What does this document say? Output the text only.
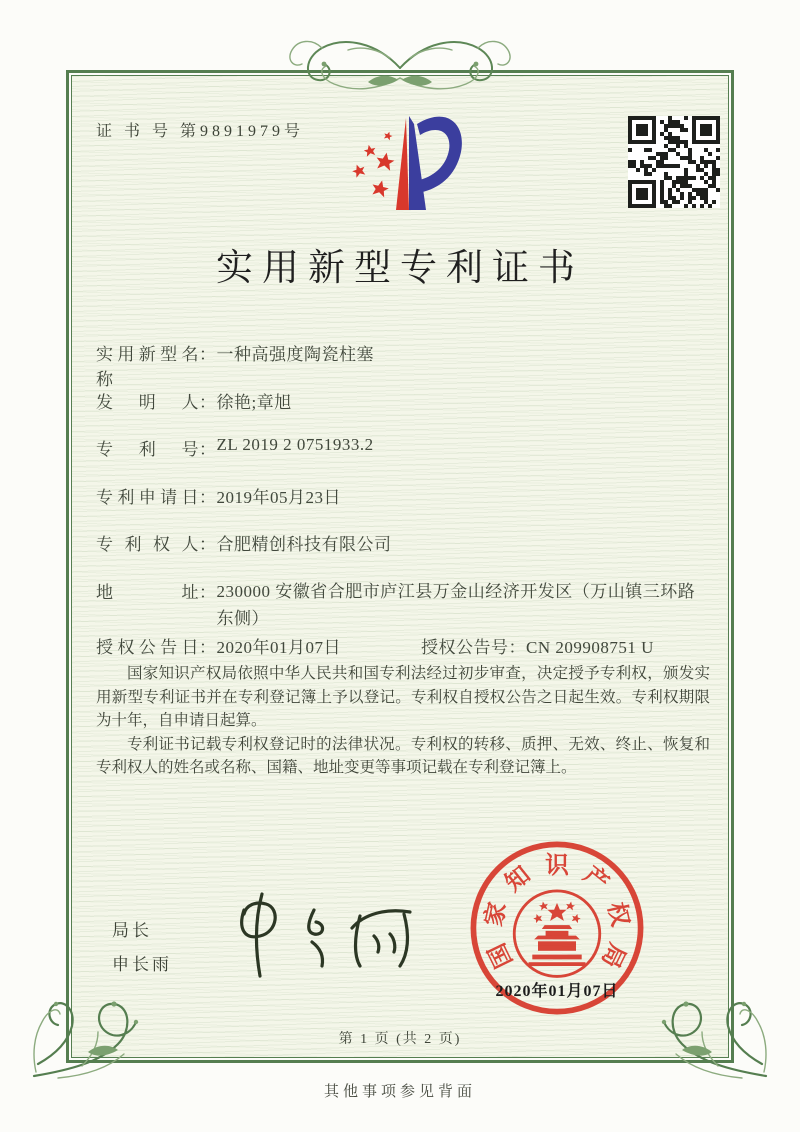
证 书 号 第9891979号
实用新型专利证书
实用新型名称：一种高强度陶瓷柱塞
发明人：徐艳;章旭
专利号：ZL 2019 2 0751933.2
专利申请日：2019年05月23日
专利权人：合肥精创科技有限公司
地址：230000 安徽省合肥市庐江县万金山经济开发区（万山镇三环路东侧）
授权公告日：2020年01月07日	授权公告号：CN 209908751 U

国家知识产权局依照中华人民共和国专利法经过初步审查，决定授予专利权，颁发实用新型专利证书并在专利登记簿上予以登记。专利权自授权公告之日起生效。专利权期限为十年，自申请日起算。

专利证书记载专利权登记时的法律状况。专利权的转移、质押、无效、终止、恢复和专利权人的姓名或名称、国籍、地址变更等事项记载在专利登记簿上。

局长
申长雨	国
家
知 识 产
权
局
2020年01月07日
第 1 页 (共 2 页)
其他事项参见背面
